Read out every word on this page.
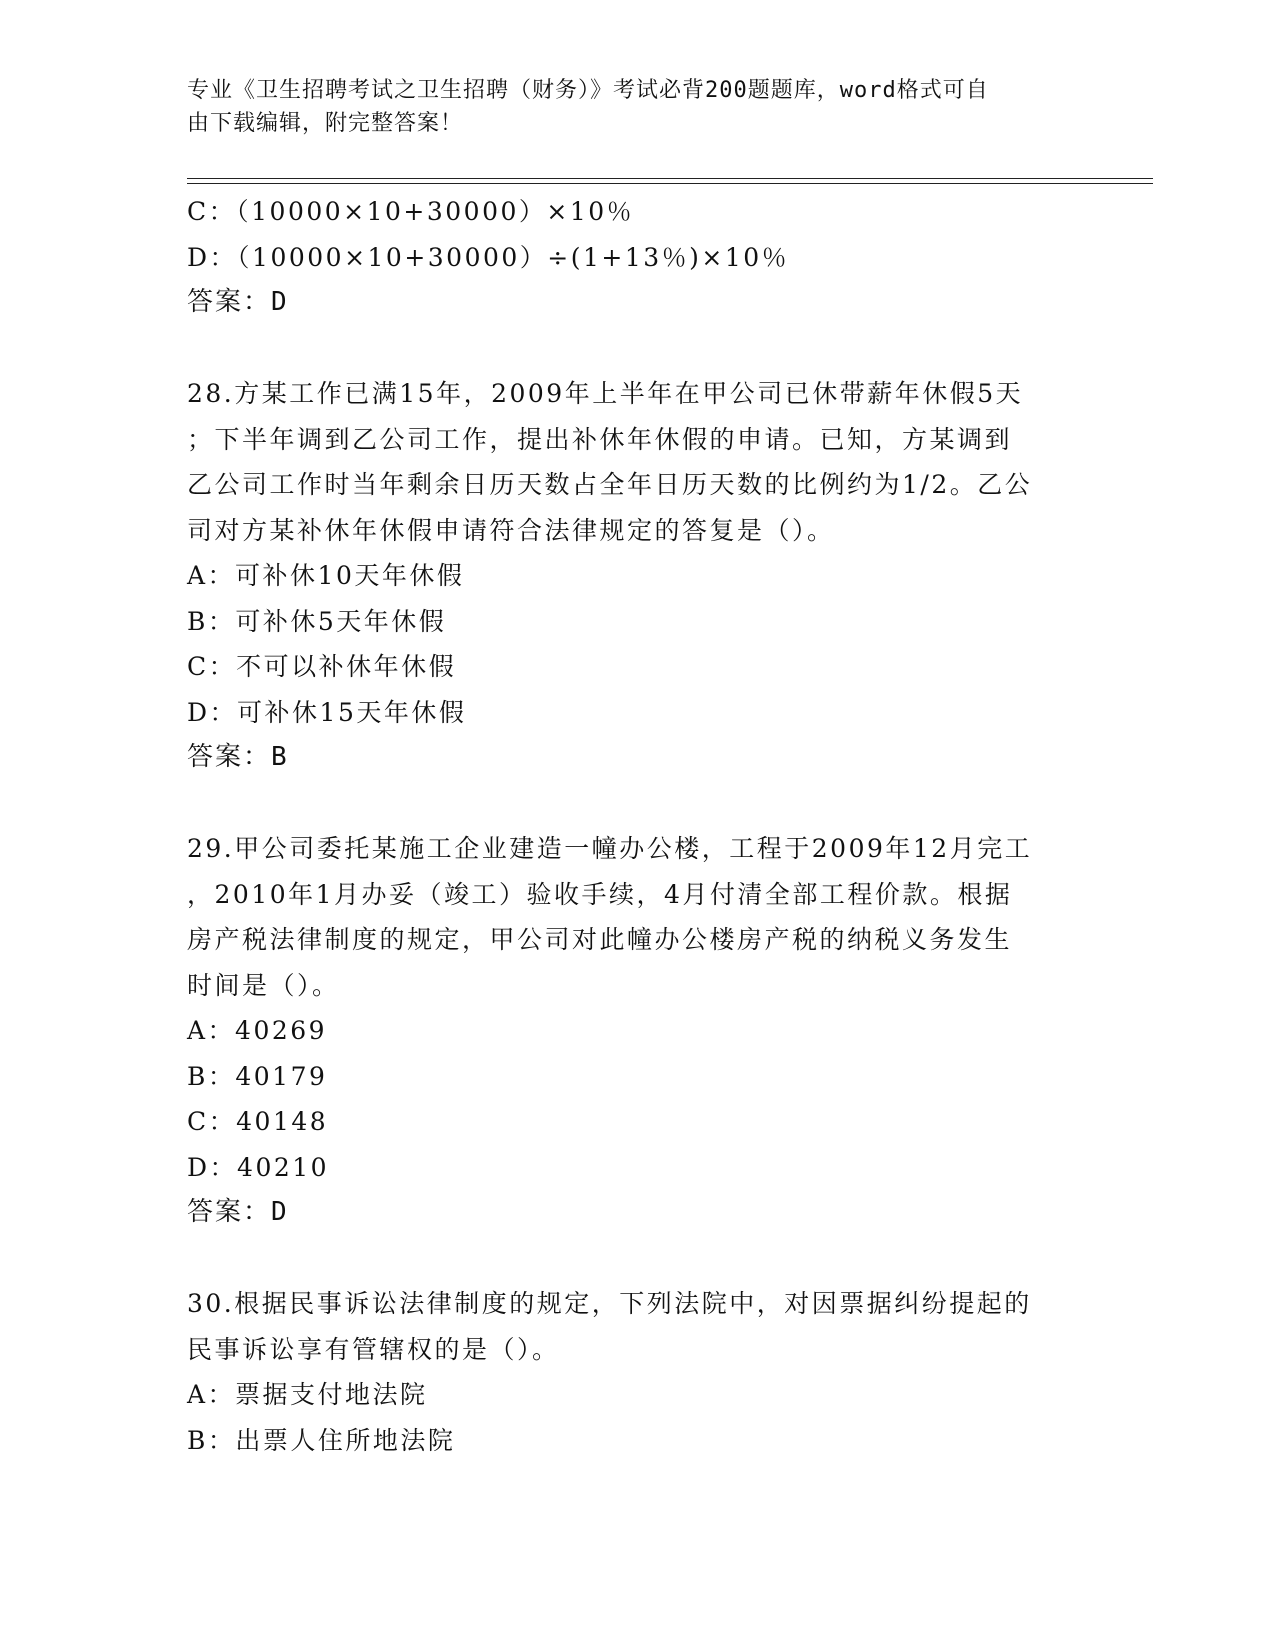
专业《卫生招聘考试之卫生招聘（财务）》考试必背200题题库，word格式可自
由下载编辑，附完整答案！
C：（10000×10+30000）×10％
D：（10000×10+30000）÷(1+13％)×10％
答案：D
28.方某工作已满15年，2009年上半年在甲公司已休带薪年休假5天
；下半年调到乙公司工作，提出补休年休假的申请。已知，方某调到
乙公司工作时当年剩余日历天数占全年日历天数的比例约为1/2。乙公
司对方某补休年休假申请符合法律规定的答复是（）。
A：可补休10天年休假
B：可补休5天年休假
C：不可以补休年休假
D：可补休15天年休假
答案：B
29.甲公司委托某施工企业建造一幢办公楼，工程于2009年12月完工
，2010年1月办妥（竣工）验收手续，4月付清全部工程价款。根据
房产税法律制度的规定，甲公司对此幢办公楼房产税的纳税义务发生
时间是（）。
A：40269
B：40179
C：40148
D：40210
答案：D
30.根据民事诉讼法律制度的规定，下列法院中，对因票据纠纷提起的
民事诉讼享有管辖权的是（）。
A：票据支付地法院
B：出票人住所地法院
